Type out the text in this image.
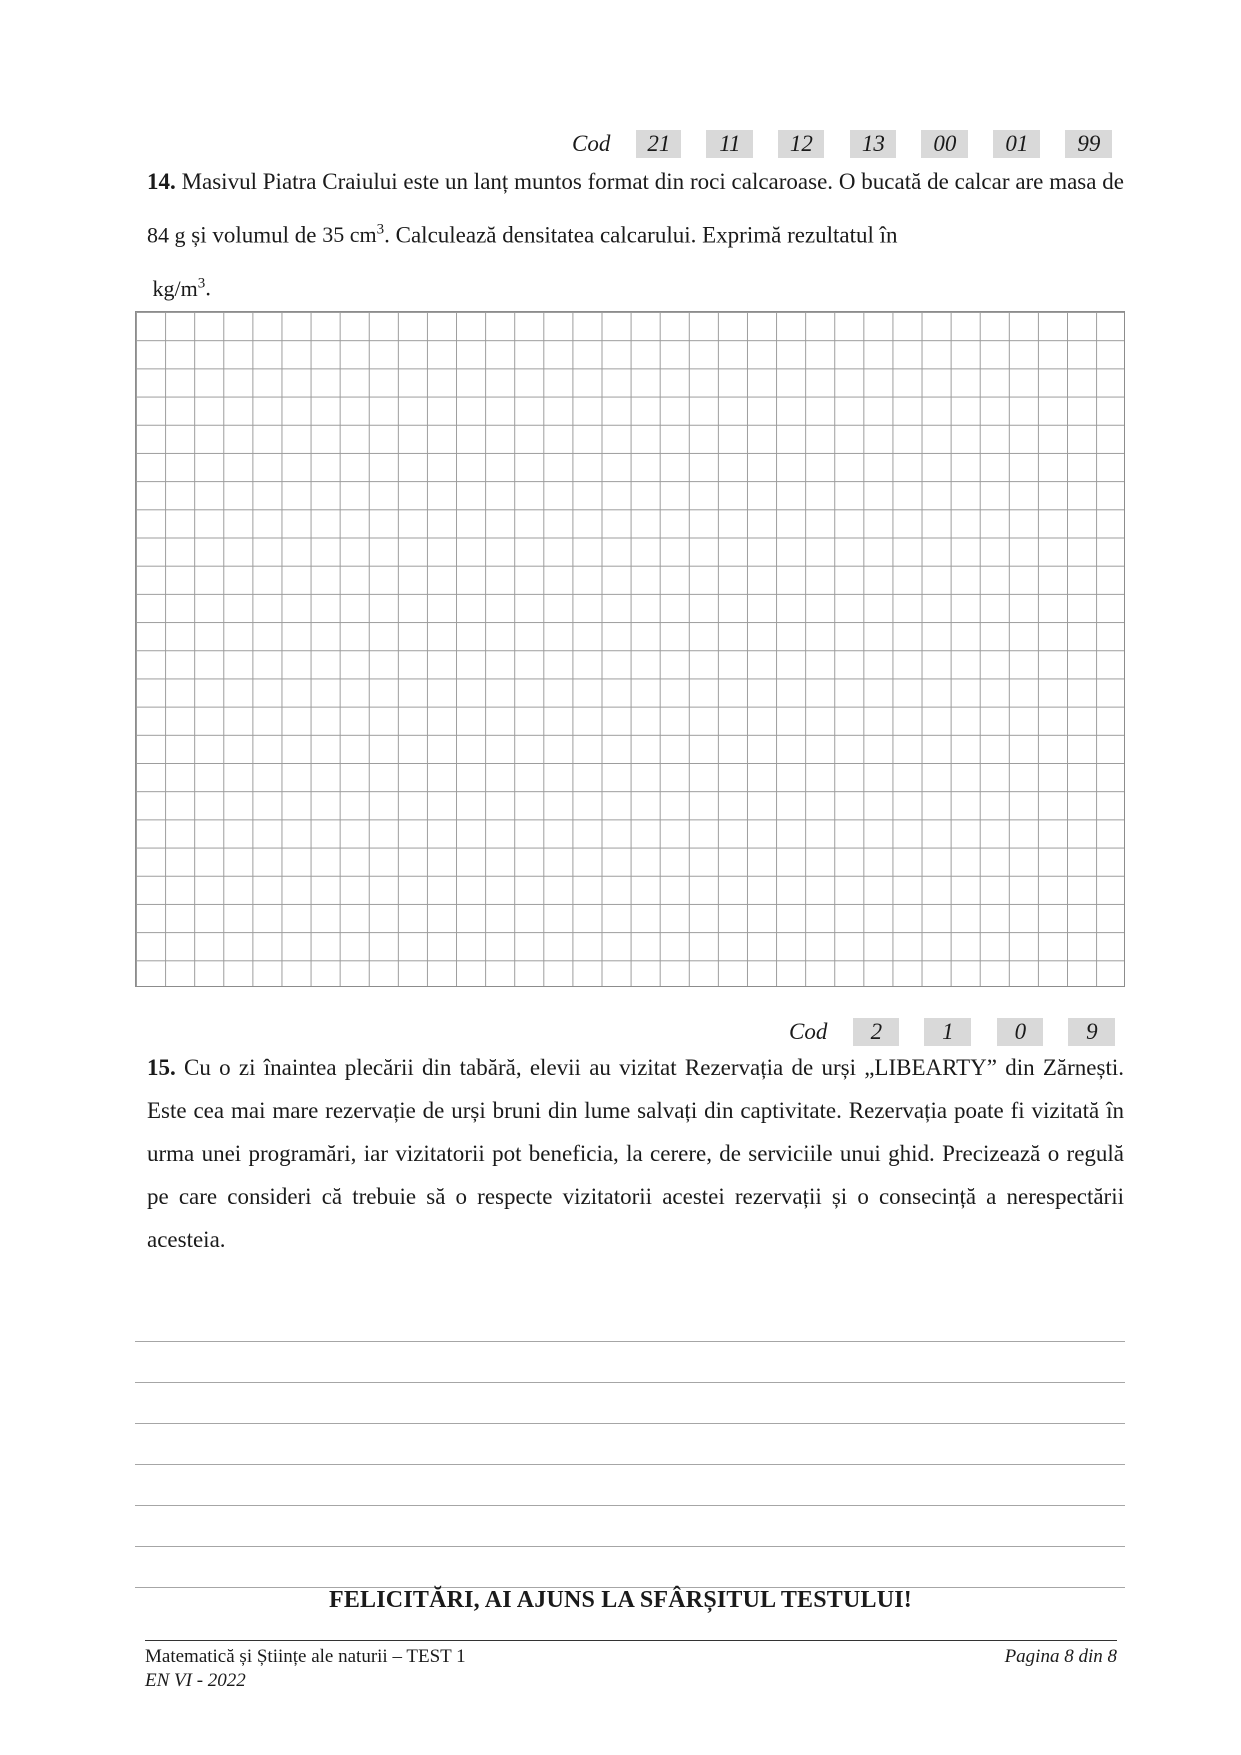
Cod	21	11	12	13	00	01	99
14. Masivul Piatra Craiului este un lanț muntos format din roci calcaroase. O bucată de calcar are masa de 84 g și volumul de 35 $cm^3$. Calculează densitatea calcarului. Exprimă rezultatul în
$kg/m^3$.
Cod	2	1	0	9
15. Cu o zi înaintea plecării din tabără, elevii au vizitat Rezervația de urși „LIBEARTY” din Zărnești. Este cea mai mare rezervație de urși bruni din lume salvați din captivitate. Rezervația poate fi vizitată în urma unei programări, iar vizitatorii pot beneficia, la cerere, de serviciile unui ghid. Precizează o regulă pe care consideri că trebuie să o respecte vizitatorii acestei rezervații și o consecință a nerespectării acesteia.
FELICITĂRI, AI AJUNS LA SFÂRȘITUL TESTULUI!
Matematică și Științe ale naturii – TEST 1	Pagina 8 din 8
EN VI - 2022
